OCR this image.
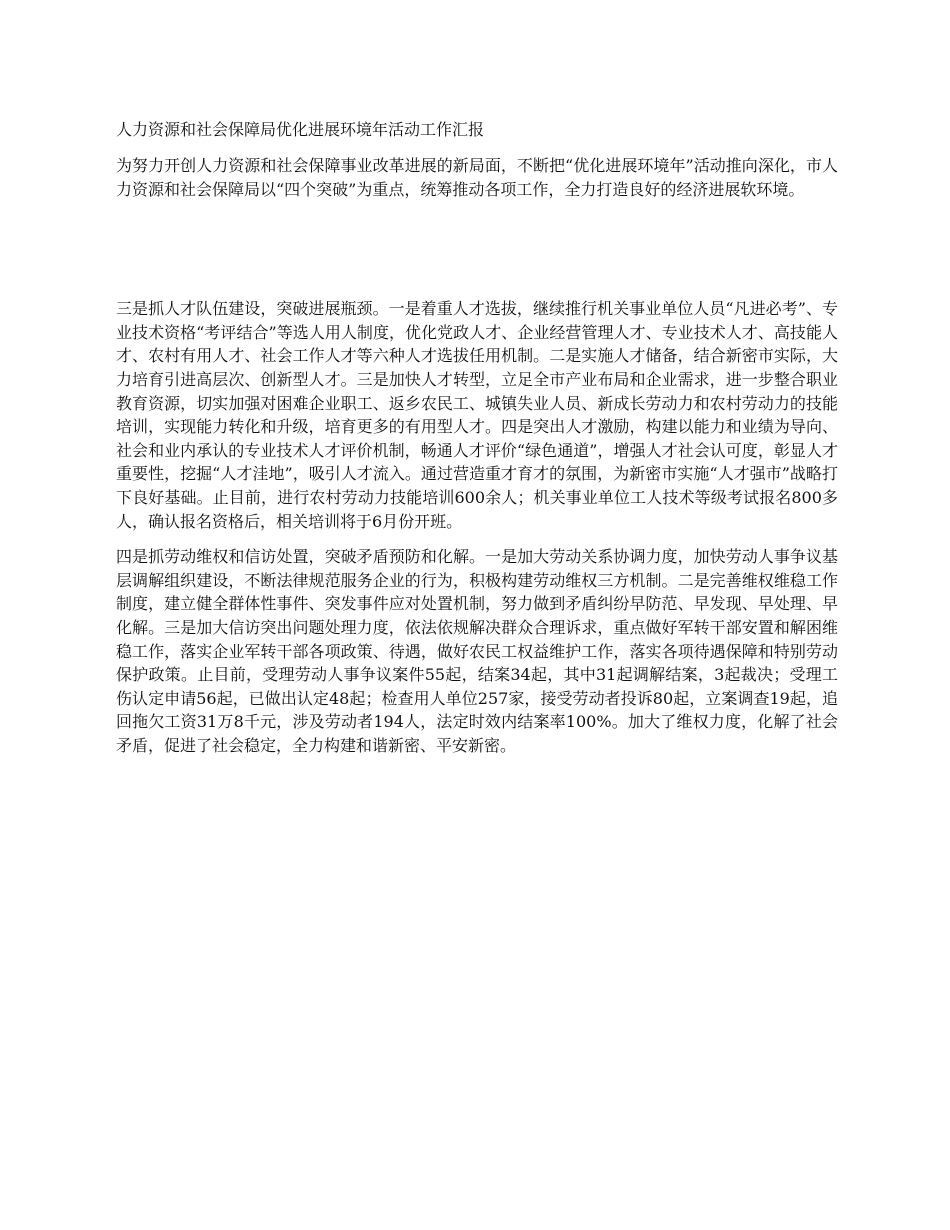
人力资源和社会保障局优化进展环境年活动工作汇报

为努力开创人力资源和社会保障事业改革进展的新局面，不断把“优化进展环境年”活动推向深化，市人力资源和社会保障局以“四个突破”为重点，统筹推动各项工作，全力打造良好的经济进展软环境。

三是抓人才队伍建设，突破进展瓶颈。一是着重人才选拔，继续推行机关事业单位人员“凡进必考”、专业技术资格“考评结合”等选人用人制度，优化党政人才、企业经营管理人才、专业技术人才、高技能人才、农村有用人才、社会工作人才等六种人才选拔任用机制。二是实施人才储备，结合新密市实际，大力培育引进高层次、创新型人才。三是加快人才转型，立足全市产业布局和企业需求，进一步整合职业教育资源，切实加强对困难企业职工、返乡农民工、城镇失业人员、新成长劳动力和农村劳动力的技能培训，实现能力转化和升级，培育更多的有用型人才。四是突出人才激励，构建以能力和业绩为导向、社会和业内承认的专业技术人才评价机制，畅通人才评价“绿色通道”，增强人才社会认可度，彰显人才重要性，挖掘“人才洼地”，吸引人才流入。通过营造重才育才的氛围，为新密市实施“人才强市”战略打下良好基础。止目前，进行农村劳动力技能培训600余人；机关事业单位工人技术等级考试报名800多人，确认报名资格后，相关培训将于6月份开班。

四是抓劳动维权和信访处置，突破矛盾预防和化解。一是加大劳动关系协调力度，加快劳动人事争议基层调解组织建设，不断法律规范服务企业的行为，积极构建劳动维权三方机制。二是完善维权维稳工作制度，建立健全群体性事件、突发事件应对处置机制，努力做到矛盾纠纷早防范、早发现、早处理、早化解。三是加大信访突出问题处理力度，依法依规解决群众合理诉求，重点做好军转干部安置和解困维稳工作，落实企业军转干部各项政策、待遇，做好农民工权益维护工作，落实各项待遇保障和特别劳动保护政策。止目前，受理劳动人事争议案件55起，结案34起，其中31起调解结案，3起裁决；受理工伤认定申请56起，已做出认定48起；检查用人单位257家，接受劳动者投诉80起，立案调查19起，追回拖欠工资31万8千元，涉及劳动者194人，法定时效内结案率100%。加大了维权力度，化解了社会矛盾，促进了社会稳定，全力构建和谐新密、平安新密。
